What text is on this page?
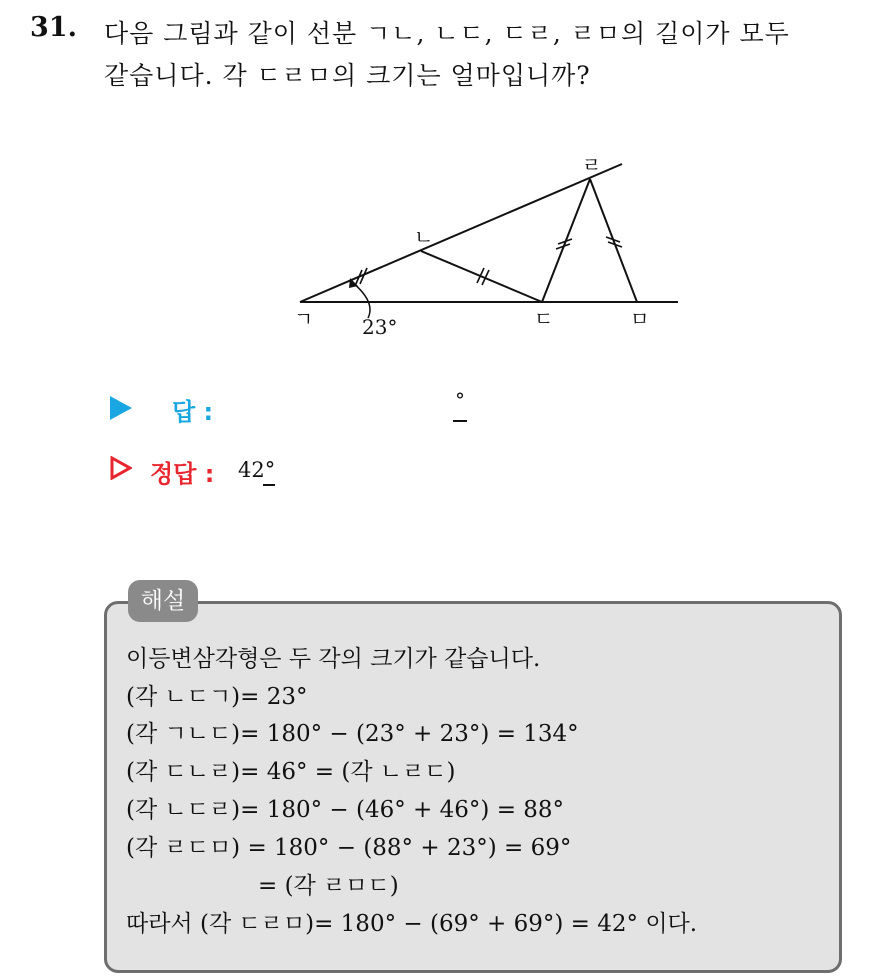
31. 다음 그림과 같이 선분 ㄱㄴ, ㄴㄷ, ㄷㄹ, ㄹㅁ의 길이가 모두
같습니다. 각 ㄷㄹㅁ의 크기는 얼마입니까?
ㄱ
ㄴ
ㄷ
ㄹ
ㅁ
23°
답 :	°
정답 : 42°
해설
이등변삼각형은 두 각의 크기가 같습니다.
(각 ㄴㄷㄱ)= 23°
(각 ㄱㄴㄷ)= 180° − (23° + 23°) = 134°
(각 ㄷㄴㄹ)= 46° = (각 ㄴㄹㄷ)
(각 ㄴㄷㄹ)= 180° − (46° + 46°) = 88°
(각 ㄹㄷㅁ) = 180° − (88° + 23°) = 69°
= (각 ㄹㅁㄷ)
따라서 (각 ㄷㄹㅁ)= 180° − (69° + 69°) = 42° 이다.
